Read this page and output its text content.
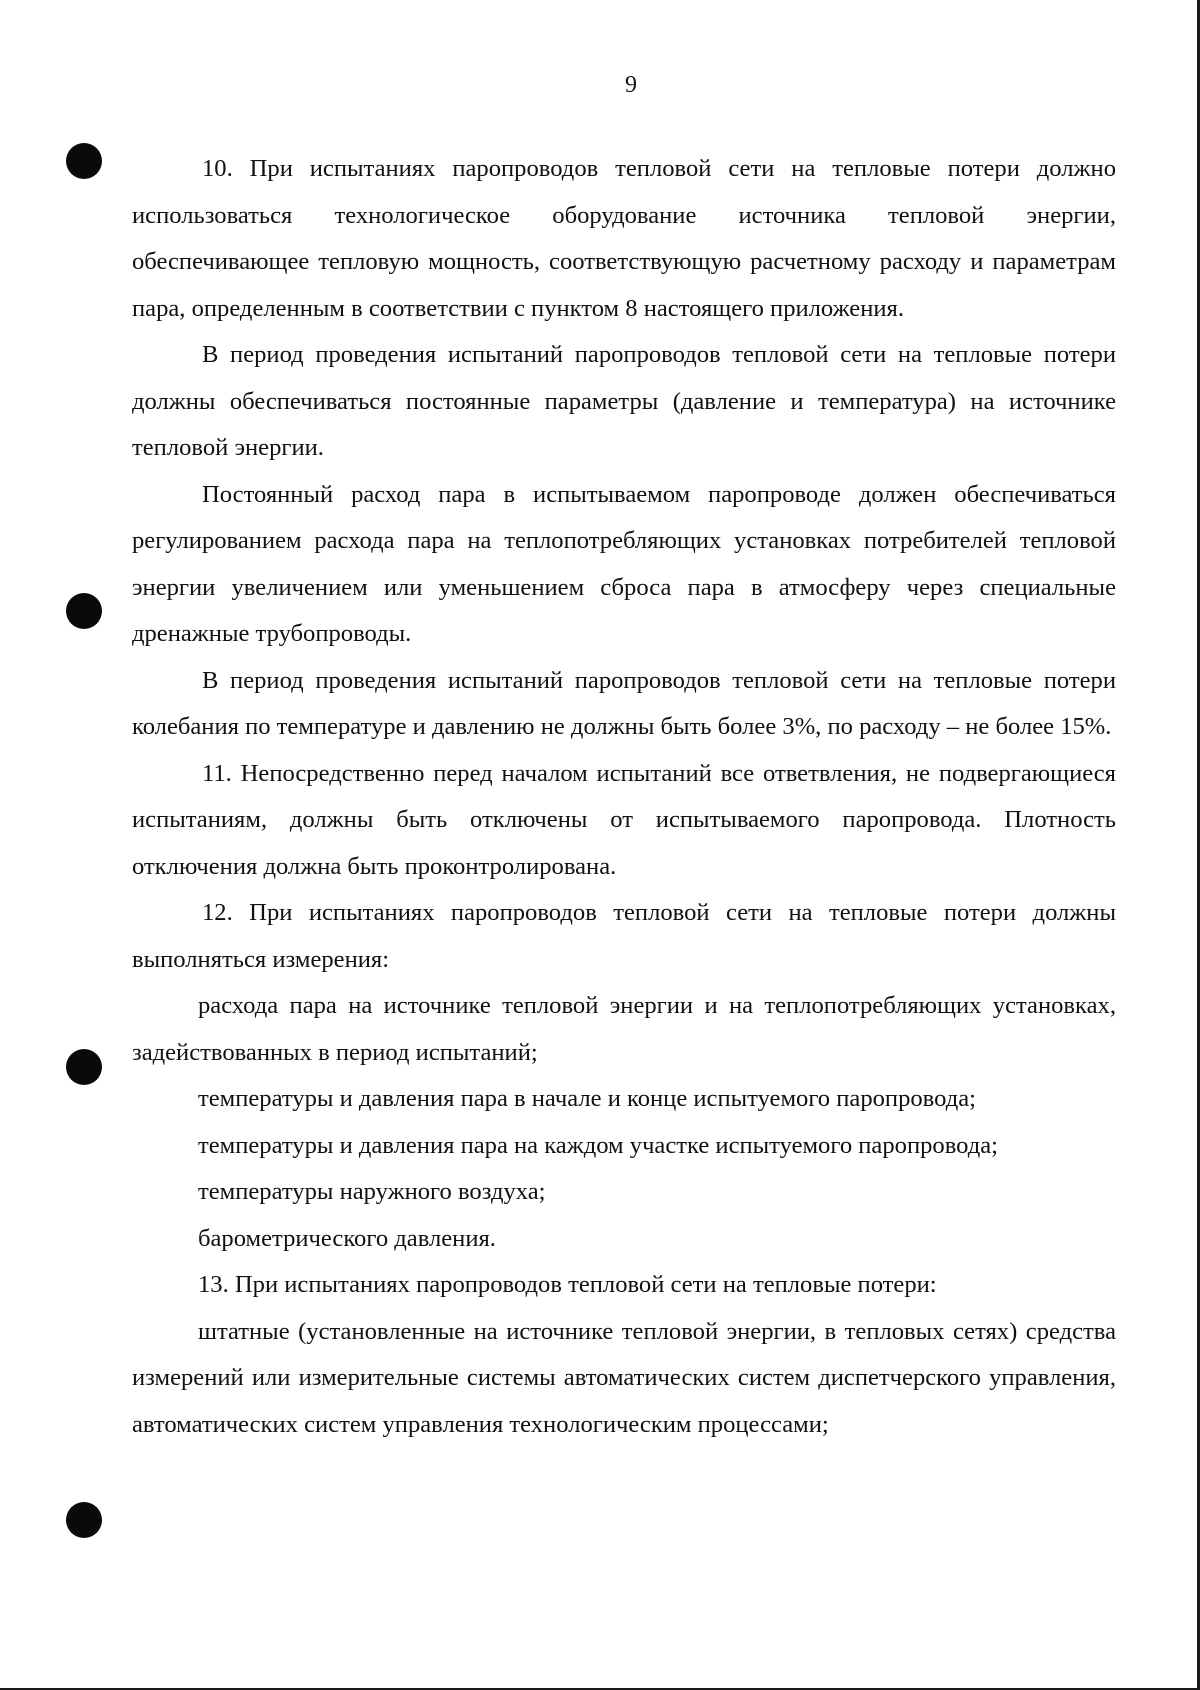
9

10. При испытаниях паропроводов тепловой сети на тепловые потери должно использоваться технологическое оборудование источника тепловой энергии, обеспечивающее тепловую мощность, соответствующую расчетному расходу и параметрам пара, определенным в соответствии с пунктом 8 настоящего приложения.

В период проведения испытаний паропроводов тепловой сети на тепловые потери должны обеспечиваться постоянные параметры (давление и температура) на источнике тепловой энергии.

Постоянный расход пара в испытываемом паропроводе должен обеспечиваться регулированием расхода пара на теплопотребляющих установках потребителей тепловой энергии увеличением или уменьшением сброса пара в атмосферу через специальные дренажные трубопроводы.

В период проведения испытаний паропроводов тепловой сети на тепловые потери колебания по температуре и давлению не должны быть более 3%, по расходу – не более 15%.

11. Непосредственно перед началом испытаний все ответвления, не подвергающиеся испытаниям, должны быть отключены от испытываемого паропровода. Плотность отключения должна быть проконтролирована.

12. При испытаниях паропроводов тепловой сети на тепловые потери должны выполняться измерения:

расхода пара на источнике тепловой энергии и на теплопотребляющих установках, задействованных в период испытаний;

температуры и давления пара в начале и конце испытуемого паропровода;

температуры и давления пара на каждом участке испытуемого паропровода;

температуры наружного воздуха;

барометрического давления.

13. При испытаниях паропроводов тепловой сети на тепловые потери:

штатные (установленные на источнике тепловой энергии, в тепловых сетях) средства измерений или измерительные системы автоматических систем диспетчерского управления, автоматических систем управления технологическим процессами;
